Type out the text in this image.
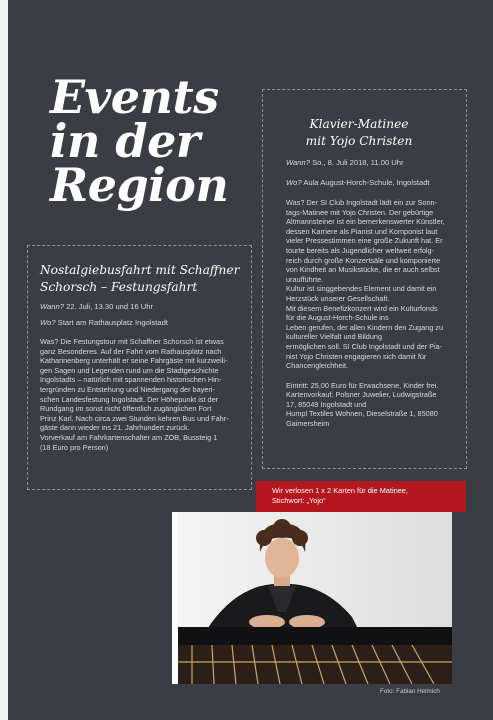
Events
in der
Region
Nostalgiebusfahrt mit Schaffner
Schorsch – Festungsfahrt
Wann? 22. Juli, 13.30 und 16 Uhr
Wo? Start am Rathausplatz Ingolstadt
Was? Die Festungstour mit Schaffner Schorsch ist etwas
ganz Besonderes. Auf der Fahrt vom Rathausplatz nach
Katharinenberg unterhält er seine Fahrgäste mit kurzweili-
gen Sagen und Legenden rund um die Stadtgeschichte
Ingolstadts – natürlich mit spannenden historischen Hin-
tergründen zu Entstehung und Niedergang der bayeri-
schen Landesfestung Ingolstadt. Der Höhepunkt ist der
Rundgang im sonst nicht öffentlich zugänglichen Fort
Prinz Karl. Nach circa zwei Stunden kehren Bus und Fahr-
gäste dann wieder ins 21. Jahrhundert zurück.
Vorverkauf am Fahrkartenschalter am ZOB, Bussteig 1
(18 Euro pro Person)
Klavier-Matinee
mit Yojo Christen
Wann? So., 8. Juli 2018, 11.00 Uhr
Wo? Aula August-Horch-Schule, Ingolstadt
Was? Der SI Club Ingolstadt lädt ein zur Sonn-
tags-Matinee mit Yojo Christen. Der gebürtige
Altmannsteiner ist ein bemerkenswerter Künstler,
dessen Karriere als Pianist und Komponist laut
vieler Pressestimmen eine große Zukunft hat. Er
tourte bereits als Jugendlicher weltweit erfolg-
reich durch große Konzertsäle und komponierte
von Kindheit an Musikstücke, die er auch selbst
uraufführte.
Kultur ist singgebendes Element und damit ein
Herzstück unserer Gesellschaft.
Mit diesem Benefizkonzert wird ein Kulturfonds
für die August-Horch-Schule ins
Leben gerufen, der allen Kindern den Zugang zu
kultureller Vielfalt und Bildung
ermöglichen soll. SI Club Ingolstadt und der Pia-
nist Yojo Christen engagieren sich damit für
Chancengleichheit.
Eintritt: 25,00 Euro für Erwachsene, Kinder frei.
Kartenvorkauf: Polsner Juwelier, Ludwigstraße
17, 85049 Ingolstadt und
Humpl Textiles Wohnen, Dieselstraße 1, 85080
Gaimersheim
Wir verlosen 1 x 2 Karten für die Matinee,
Stichwort: „Yojo“
Foto: Fabian Helmich
